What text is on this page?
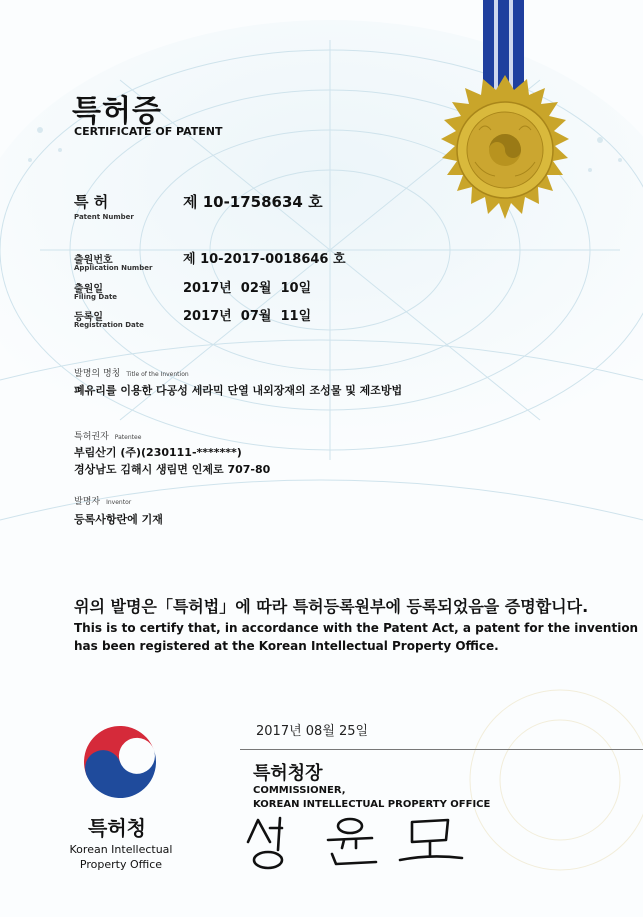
특허증
CERTIFICATE OF PATENT
특 허
Patent Number
제 10-1758634 호
출원번호
Application Number
제 10-2017-0018646 호
출원일
Filing Date
2017년  02월  10일
등록일
Registration Date
2017년  07월  11일
발명의 명칭 Title of the Invention
폐유리를 이용한 다공성 세라믹 단열 내외장재의 조성물 및 제조방법
특허권자 Patentee
부림산기 (주)(230111-*******)
경상남도 김해시 생림면 인제로 707-80
발명자 Inventor
등록사항란에 기재
위의 발명은「특허법」에 따라 특허등록원부에 등록되었음을 증명합니다.
This is to certify that, in accordance with the Patent Act, a patent for the invention
has been registered at the Korean Intellectual Property Office.
2017년 08월 25일
특허청장
COMMISSIONER,
KOREAN INTELLECTUAL PROPERTY OFFICE
특허청
Korean Intellectual
Property Office
